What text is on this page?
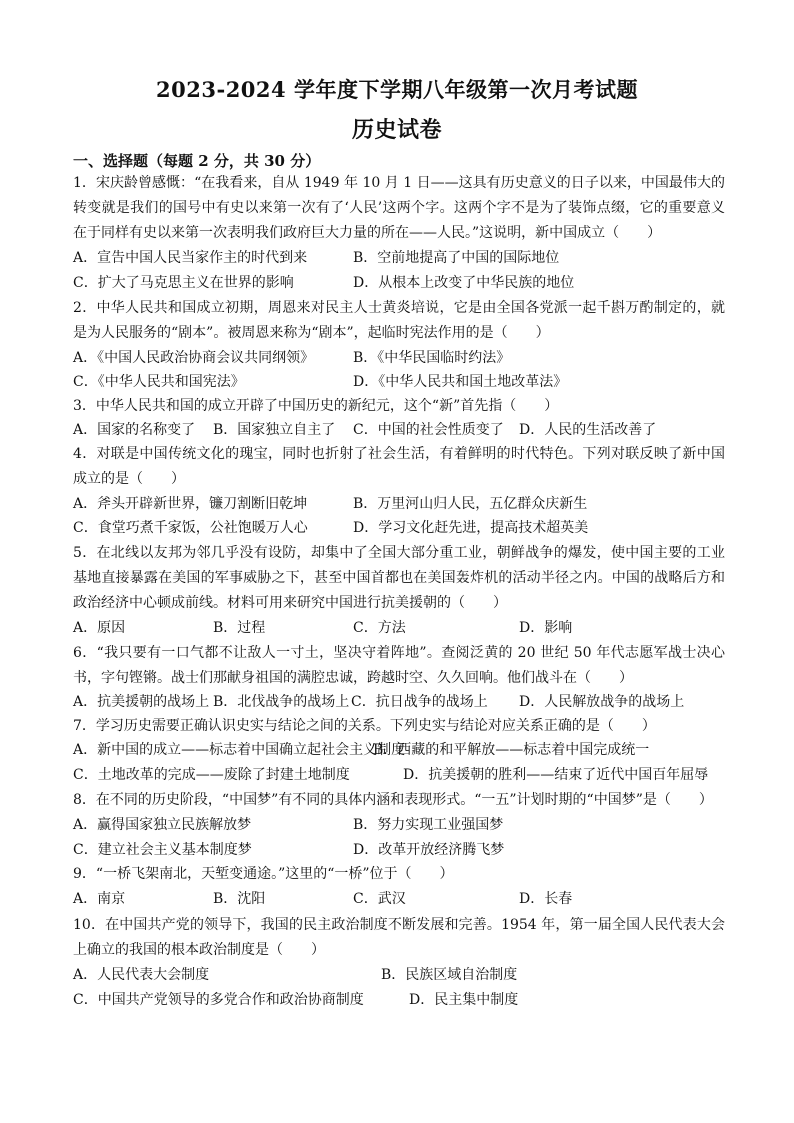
2023-2024 学年度下学期八年级第一次月考试题
历史试卷
一、选择题（每题 2 分，共 30 分）
1．宋庆龄曾感慨：“在我看来，自从 1949 年 10 月 1 日——这具有历史意义的日子以来，中国最伟大的转变就是我们的国号中有史以来第一次有了‘人民’这两个字。这两个字不是为了装饰点缀，它的重要意义在于同样有史以来第一次表明我们政府巨大力量的所在——人民。”这说明，新中国成立（　　）
A．宣告中国人民当家作主的时代到来	B．空前地提高了中国的国际地位
C．扩大了马克思主义在世界的影响	D．从根本上改变了中华民族的地位
2．中华人民共和国成立初期，周恩来对民主人士黄炎培说，它是由全国各党派一起千斟万酌制定的，就是为人民服务的“剧本”。被周恩来称为“剧本”，起临时宪法作用的是（　　）
A．《中国人民政治协商会议共同纲领》	B．《中华民国临时约法》
C．《中华人民共和国宪法》	D．《中华人民共和国土地改革法》
3．中华人民共和国的成立开辟了中国历史的新纪元，这个“新”首先指（　　）
A．国家的名称变了 B．国家独立自主了 C．中国的社会性质变了 D．人民的生活改善了
4．对联是中国传统文化的瑰宝，同时也折射了社会生活，有着鲜明的时代特色。下列对联反映了新中国成立的是（　　）
A．斧头开辟新世界，镰刀割断旧乾坤	B．万里河山归人民，五亿群众庆新生
C．食堂巧煮千家饭，公社饱暖万人心	D．学习文化赶先进，提高技术超英美
5．在北线以友邦为邻几乎没有设防，却集中了全国大部分重工业，朝鲜战争的爆发，使中国主要的工业基地直接暴露在美国的军事威胁之下，甚至中国首都也在美国轰炸机的活动半径之内。中国的战略后方和政治经济中心顿成前线。材料可用来研究中国进行抗美援朝的（　　）
A．原因	B．过程	C．方法	D．影响
6．“我只要有一口气都不让敌人一寸土，坚决守着阵地”。查阅泛黄的 20 世纪 50 年代志愿军战士决心书，字句铿锵。战士们那献身祖国的满腔忠诚，跨越时空、久久回响。他们战斗在（　　）
A．抗美援朝的战场上 B．北伐战争的战场上 C．抗日战争的战场上 D．人民解放战争的战场上
7．学习历史需要正确认识史实与结论之间的关系。下列史实与结论对应关系正确的是（　　）
A．新中国的成立——标志着中国确立起社会主义制度
B．西藏的和平解放——标志着中国完成统一
C．土地改革的完成——废除了封建土地制度	D．抗美援朝的胜利——结束了近代中国百年屈辱
8．在不同的历史阶段，“中国梦”有不同的具体内涵和表现形式。“一五”计划时期的“中国梦”是（　　）
A．赢得国家独立民族解放梦	B．努力实现工业强国梦
C．建立社会主义基本制度梦	D．改革开放经济腾飞梦
9．“一桥飞架南北，天堑变通途。”这里的“一桥”位于（　　）
A．南京	B．沈阳	C．武汉	D．长春
10．在中国共产党的领导下，我国的民主政治制度不断发展和完善。1954 年，第一届全国人民代表大会上确立的我国的根本政治制度是（　　）
A．人民代表大会制度	B．民族区域自治制度
C．中国共产党领导的多党合作和政治协商制度	D．民主集中制度
